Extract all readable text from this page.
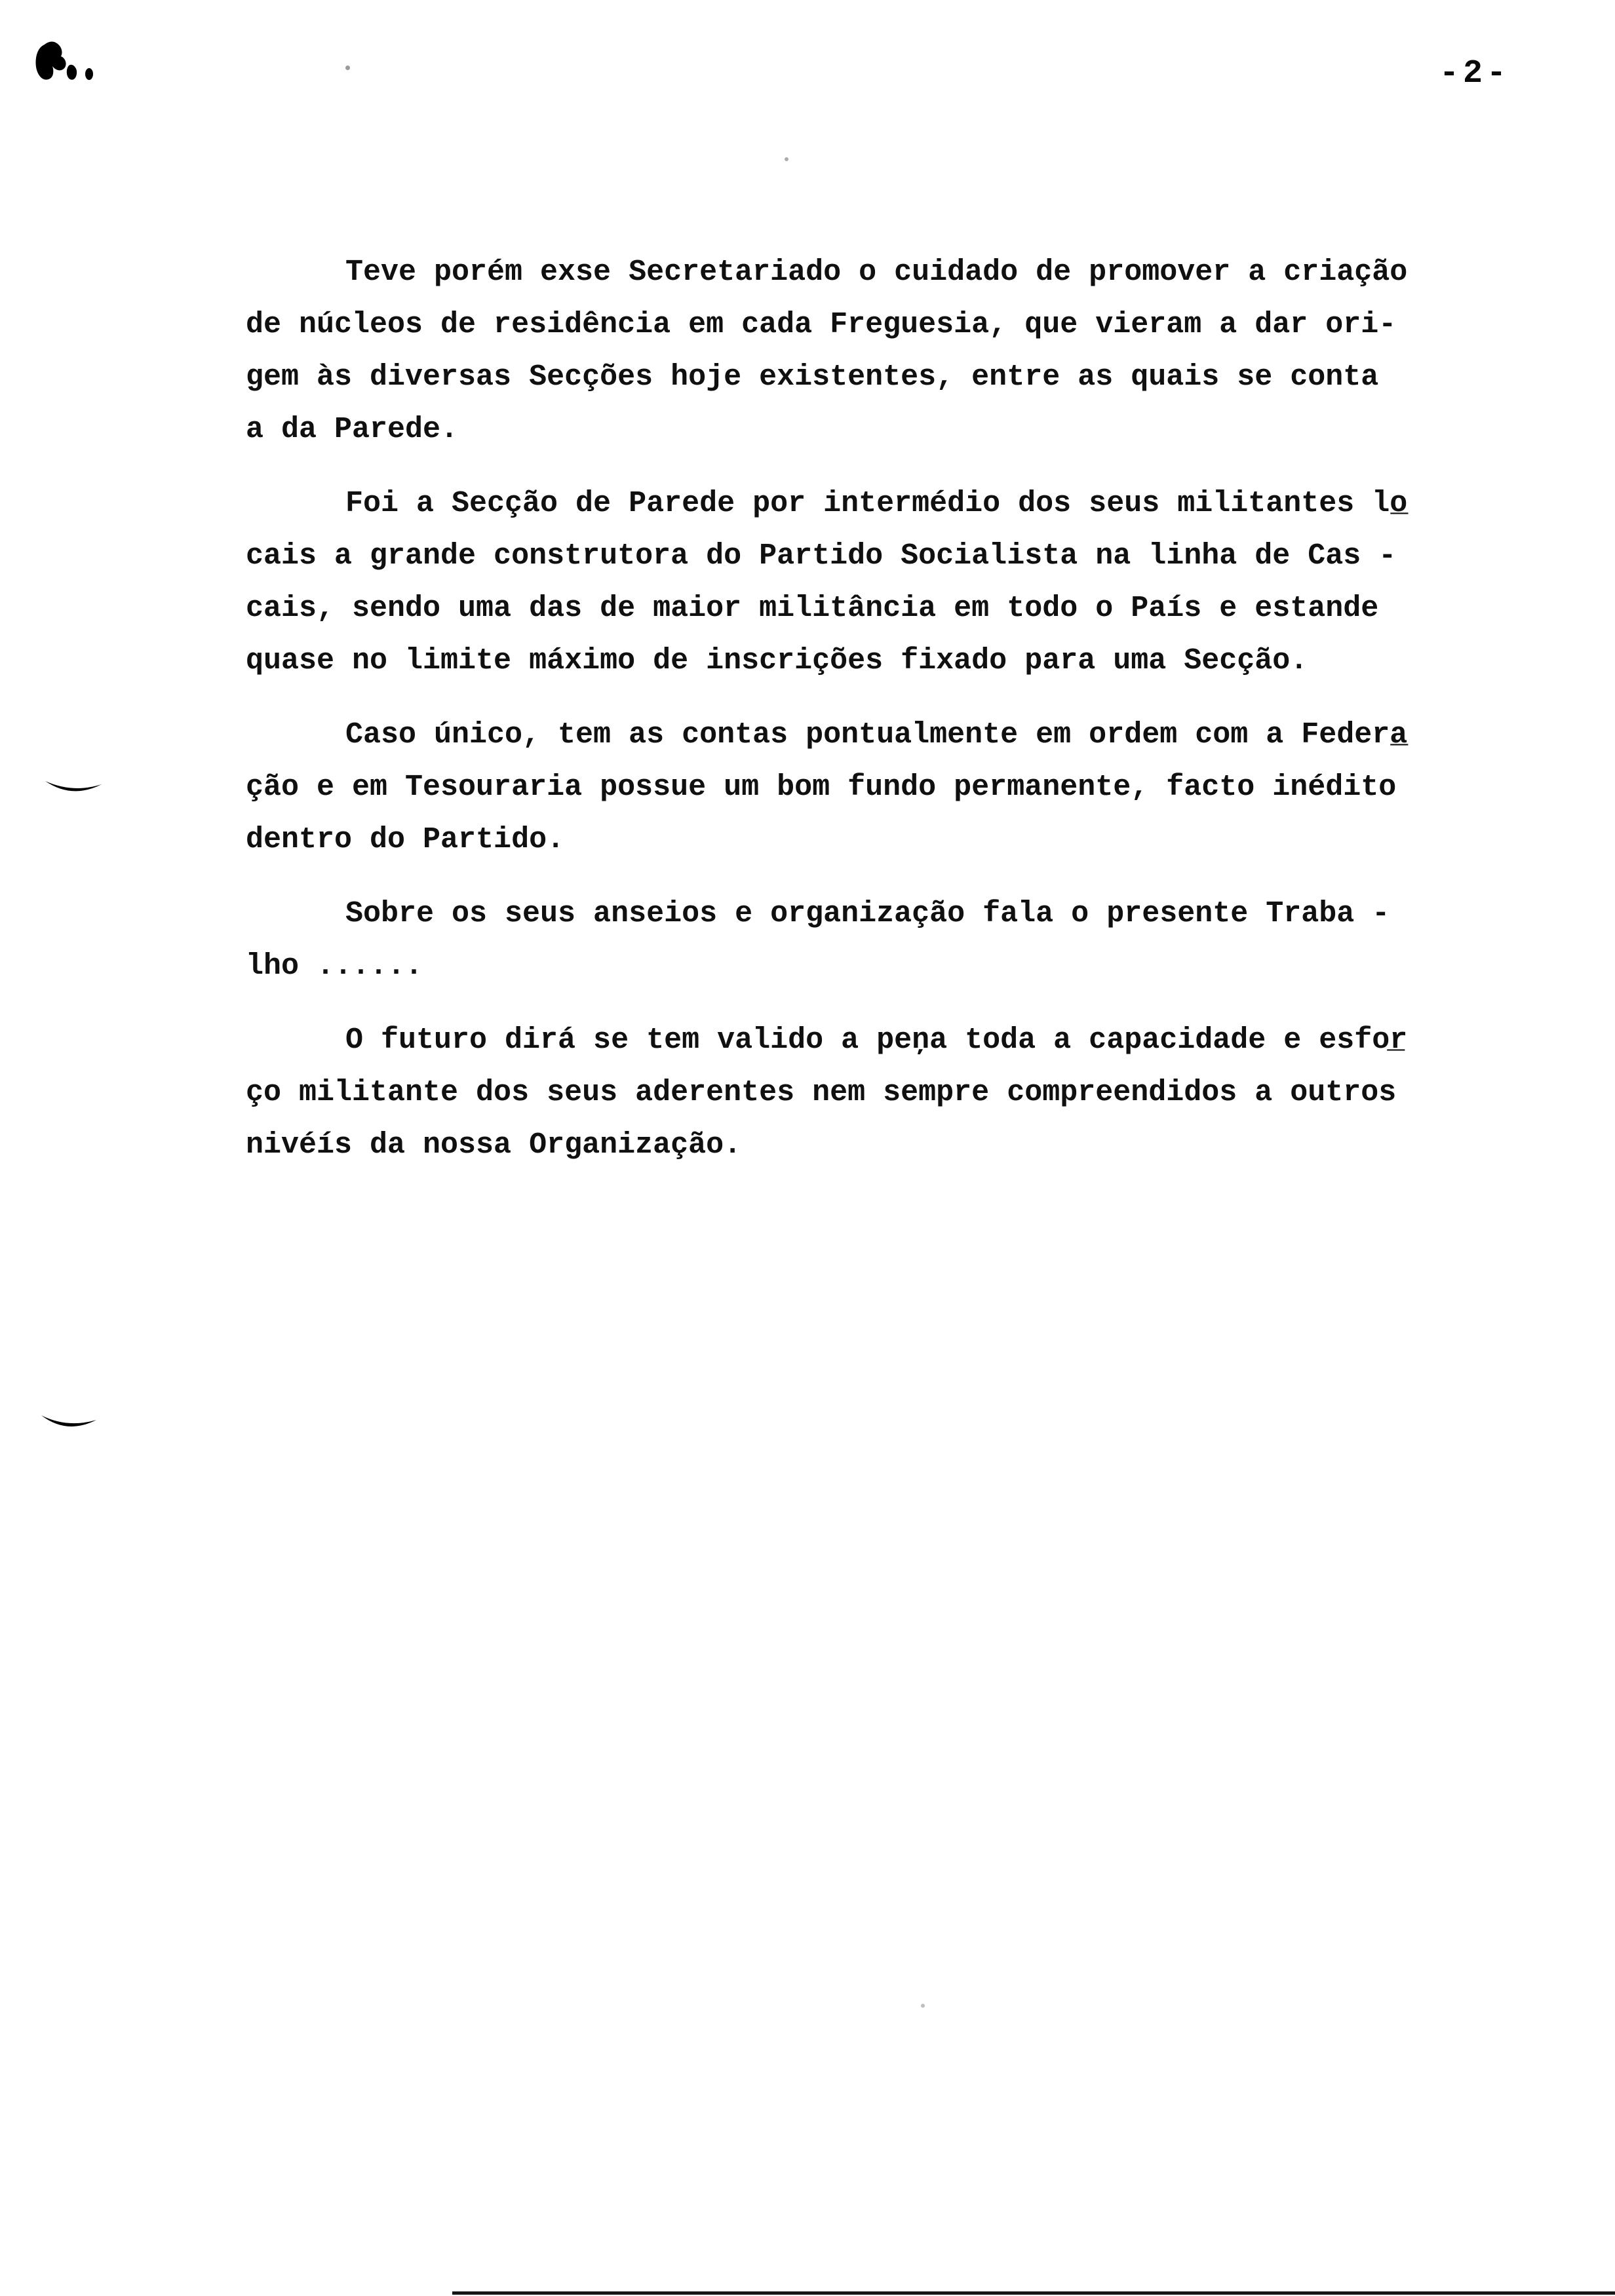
-2-
Teve porém exse Secretariado o cuidado de promover a criação
de núcleos de residência em cada Freguesia, que vieram a dar ori-
gem às diversas Secções hoje existentes, entre as quais se conta
a da Parede.
Foi a Secção de Parede por intermédio dos seus militantes lo̲
cais a grande construtora do Partido Socialista na linha de Cas -
cais, sendo uma das de maior militância em todo o País e estande
quase no limite máximo de inscrições fixado para uma Secção.
Caso único, tem as contas pontualmente em ordem com a Federa̲
ção e em Tesouraria possue um bom fundo permanente, facto inédito
dentro do Partido.
Sobre os seus anseios e organização fala o presente Traba -
lho ......
O futuro dirá se tem valido a peņa toda a capacidade e esfor̲
ço militante dos seus aderentes nem sempre compreendidos a outros
nivéís da nossa Organização.
